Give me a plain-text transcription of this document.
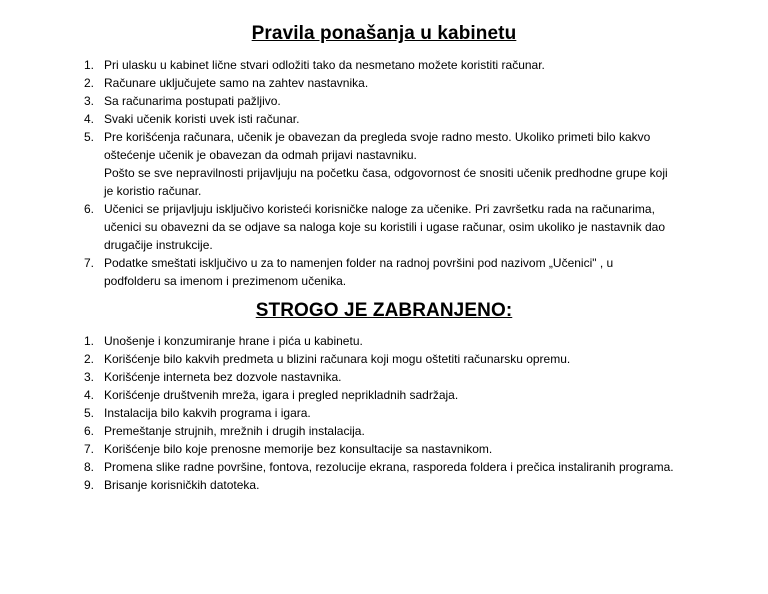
Pravila ponašanja u kabinetu
1. Pri ulasku u kabinet lične stvari odložiti tako da nesmetano možete koristiti računar.
2. Računare uključujete samo na zahtev nastavnika.
3. Sa računarima postupati pažljivo.
4. Svaki učenik koristi uvek isti računar.
5. Pre korišćenja računara, učenik je obavezan da pregleda svoje radno mesto. Ukoliko primeti bilo kakvo
oštećenje učenik je obavezan da odmah prijavi nastavniku.
Pošto se sve nepravilnosti prijavljuju na početku časa, odgovornost će snositi učenik predhodne grupe koji
je koristio računar.
6. Učenici se prijavljuju isključivo koristeći korisničke naloge za učenike. Pri završetku rada na računarima,
učenici su obavezni da se odjave sa naloga koje su koristili i ugase računar, osim ukoliko je nastavnik dao
drugačije instrukcije.
7. Podatke smeštati isključivo u za to namenjen folder na radnoj površini pod nazivom „Učenici" , u
podfolderu sa imenom i prezimenom učenika.
STROGO JE ZABRANJENO:
1. Unošenje i konzumiranje hrane i pića u kabinetu.
2. Korišćenje bilo kakvih predmeta u blizini računara koji mogu oštetiti računarsku opremu.
3. Korišćenje interneta bez dozvole nastavnika.
4. Korišćenje društvenih mreža, igara i pregled neprikladnih sadržaja.
5. Instalacija bilo kakvih programa i igara.
6. Premeštanje strujnih, mrežnih i drugih instalacija.
7. Korišćenje bilo koje prenosne memorije bez konsultacije sa nastavnikom.
8. Promena slike radne površine, fontova, rezolucije ekrana, rasporeda foldera i prečica instaliranih programa.
9. Brisanje korisničkih datoteka.
